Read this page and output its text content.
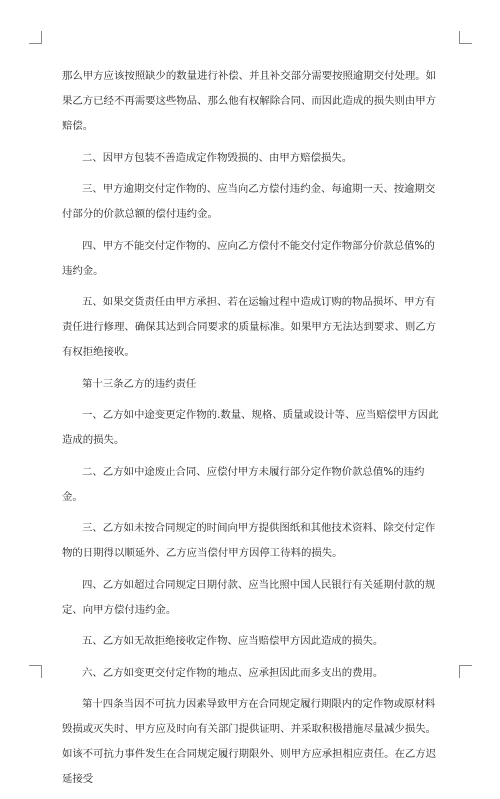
那么甲方应该按照缺少的数量进行补偿、并且补交部分需要按照逾期交付处理。如果乙方已经不再需要这些物品、那么他有权解除合同、而因此造成的损失则由甲方赔偿。

二、因甲方包装不善造成定作物毁损的、由甲方赔偿损失。

三、甲方逾期交付定作物的、应当向乙方偿付违约金、每逾期一天、按逾期交付部分的价款总额的偿付违约金。

四、甲方不能交付定作物的、应向乙方偿付不能交付定作物部分价款总值%的违约金。

五、如果交货责任由甲方承担、若在运输过程中造成订购的物品损坏、甲方有责任进行修理、确保其达到合同要求的质量标准。如果甲方无法达到要求、则乙方有权拒绝接收。

第十三条乙方的违约责任

一、乙方如中途变更定作物的.数量、规格、质量或设计等、应当赔偿甲方因此造成的损失。

二、乙方如中途废止合同、应偿付甲方未履行部分定作物价款总值%的违约金。

三、乙方如未按合同规定的时间向甲方提供图纸和其他技术资料、除交付定作物的日期得以顺延外、乙方应当偿付甲方因停工待料的损失。

四、乙方如超过合同规定日期付款、应当比照中国人民银行有关延期付款的规定、向甲方偿付违约金。

五、乙方如无故拒绝接收定作物、应当赔偿甲方因此造成的损失。

六、乙方如变更交付定作物的地点、应承担因此而多支出的费用。

第十四条当因不可抗力因素导致甲方在合同规定履行期限内的定作物或原材料毁损或灭失时、甲方应及时向有关部门提供证明、并采取积极措施尽量减少损失。如该不可抗力事件发生在合同规定履行期限外、则甲方应承担相应责任。在乙方迟延接受
